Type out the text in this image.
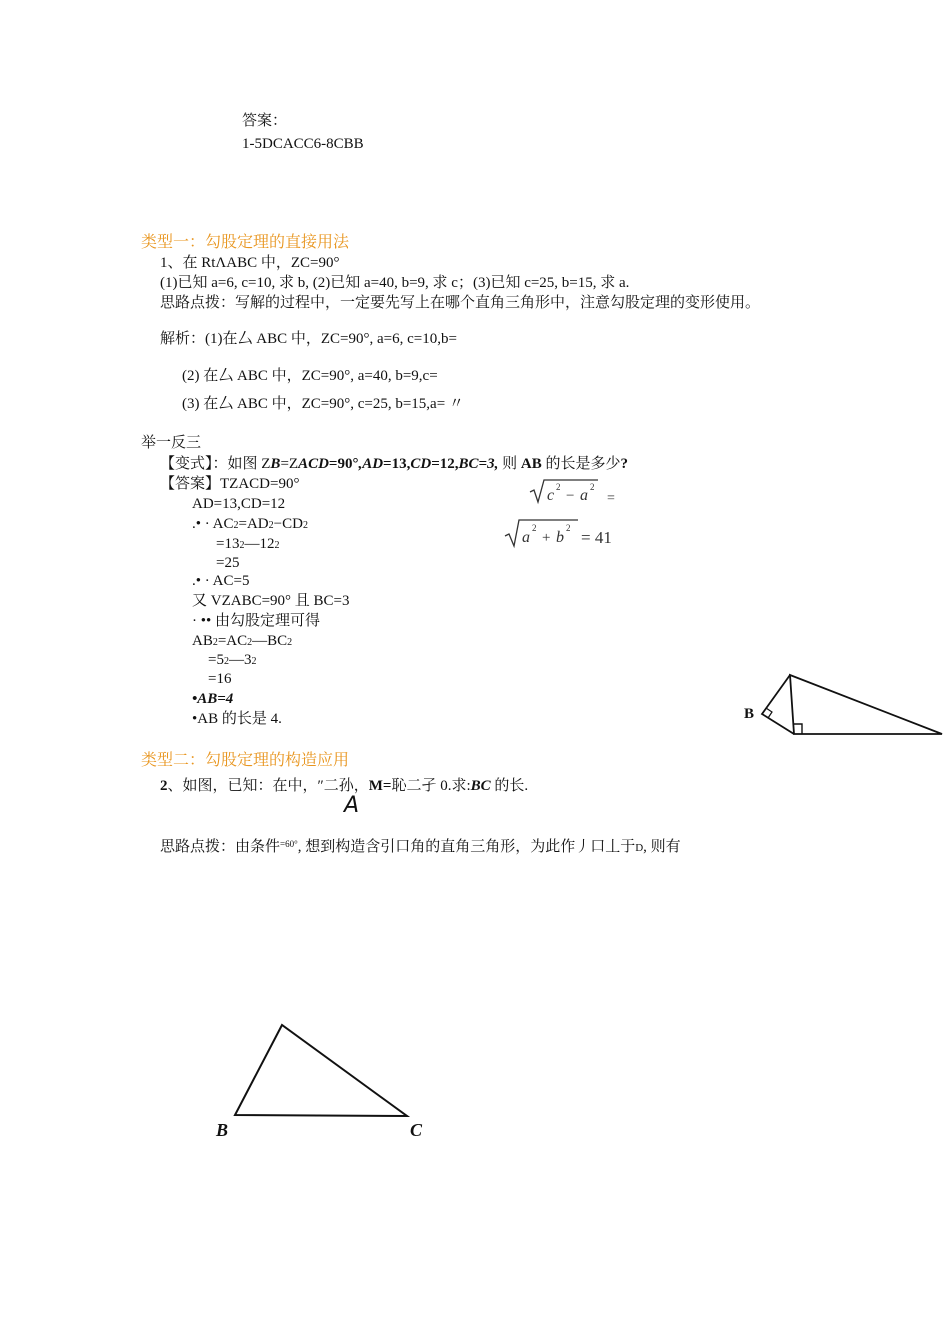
答案：
1-5DCACC6-8CBB
类型一：勾股定理的直接用法
1、在 RtΛABC 中，ZC=90°
(1)已知 a=6, c=10, 求 b, (2)已知 a=40, b=9, 求 c；(3)已知 c=25, b=15, 求 a.
思路点拨：写解的过程中，一定要先写上在哪个直角三角形中，注意勾股定理的变形使用。
解析：(1)在厶 ABC 中，ZC=90°, a=6, c=10,b=
(2) 在厶 ABC 中，ZC=90°, a=40, b=9,c=
(3) 在厶 ABC 中，ZC=90°, c=25, b=15,a= 〃
c 2
− a 2
=
a
2
+ b
2 = 41
举一反三
【变式】：如图 ZB=ZACD=90°,AD=13,CD=12,BC=3, 则 AB 的长是多少?
【答案】TZACD=90°
AD=13,CD=12
.• · AC2=AD2−CD2
=132—122
=25
.• · AC=5
又 VZABC=90° 且 BC=3
· •• 由勾股定理可得
AB2=AC2—BC2
=52—32
=16
•AB=4
•AB 的长是 4.	B
类型二：勾股定理的构造应用
2、如图，已知：在中，″二孙，M=恥二孑 0.求:BC 的长.
A
思路点拨：由条件$^{=60^\circ}$, 想到构造含引口角的直角三角形，为此作丿口丄于D, 则有
B	C
